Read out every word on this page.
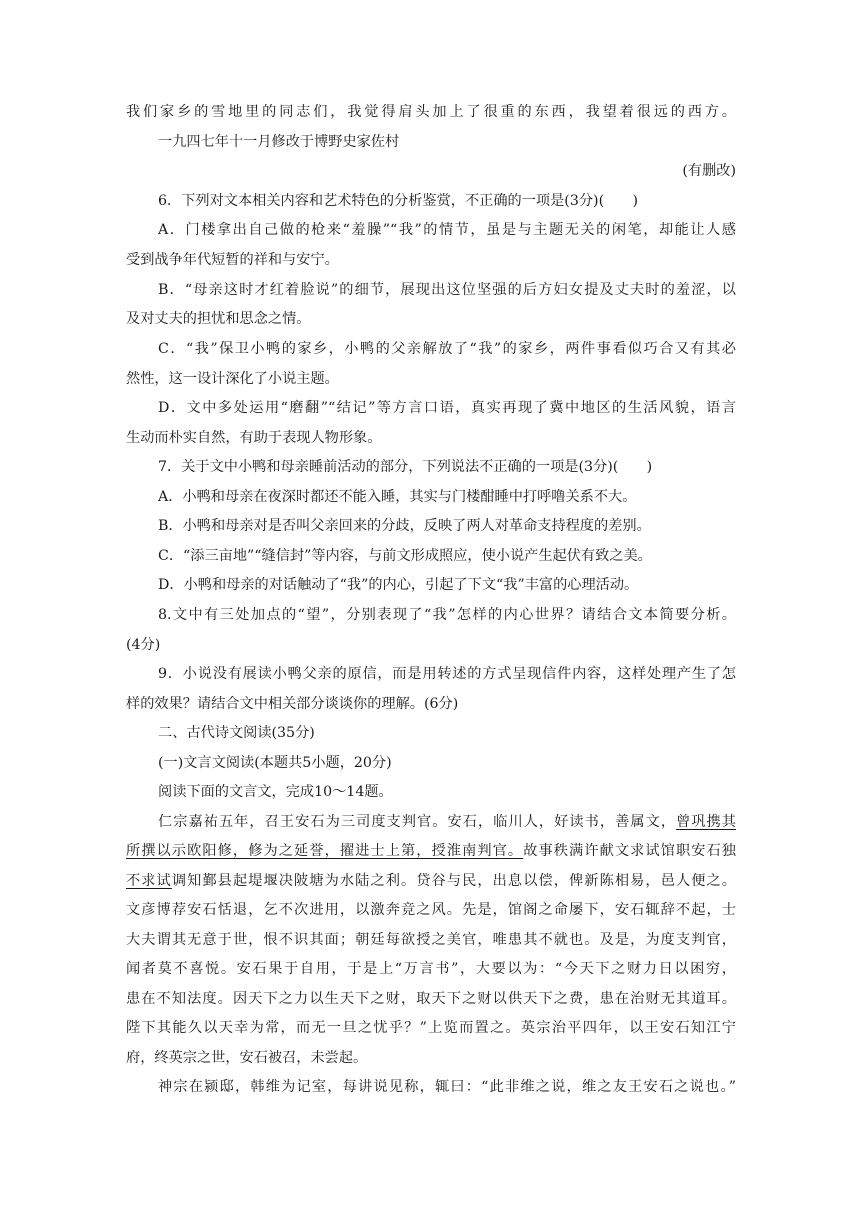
我们家乡的雪地里的同志们，我觉得肩头加上了很重的东西，我望着很远的西方。
一九四七年十一月修改于博野史家佐村
(有删改)
6．下列对文本相关内容和艺术特色的分析鉴赏，不正确的一项是(3分)(　　)
A．门楼拿出自己做的枪来“羞臊”“我”的情节，虽是与主题无关的闲笔，却能让人感
受到战争年代短暂的祥和与安宁。
B．“母亲这时才红着脸说”的细节，展现出这位坚强的后方妇女提及丈夫时的羞涩，以
及对丈夫的担忧和思念之情。
C．“我”保卫小鸭的家乡，小鸭的父亲解放了“我”的家乡，两件事看似巧合又有其必
然性，这一设计深化了小说主题。
D．文中多处运用“磨翻”“结记”等方言口语，真实再现了冀中地区的生活风貌，语言
生动而朴实自然，有助于表现人物形象。
7．关于文中小鸭和母亲睡前活动的部分，下列说法不正确的一项是(3分)(　　)
A．小鸭和母亲在夜深时都还不能入睡，其实与门楼酣睡中打呼噜关系不大。
B．小鸭和母亲对是否叫父亲回来的分歧，反映了两人对革命支持程度的差别。
C．“添三亩地”“缝信封”等内容，与前文形成照应，使小说产生起伏有致之美。
D．小鸭和母亲的对话触动了“我”的内心，引起了下文“我”丰富的心理活动。
8.文中有三处加点的“望”，分别表现了“我”怎样的内心世界？请结合文本简要分析。
(4分)
9．小说没有展读小鸭父亲的原信，而是用转述的方式呈现信件内容，这样处理产生了怎
样的效果？请结合文中相关部分谈谈你的理解。(6分)
二、古代诗文阅读(35分)
(一)文言文阅读(本题共5小题，20分)
阅读下面的文言文，完成10～14题。
仁宗嘉祐五年，召王安石为三司度支判官。安石，临川人，好读书，善属文，曾巩携其
所撰以示欧阳修，修为之延誉，擢进士上第，授淮南判官。故事秩满许献文求试馆职安石独
不求试调知鄞县起堤堰决陂塘为水陆之利。贷谷与民，出息以偿，俾新陈相易，邑人便之。
文彦博荐安石恬退，乞不次进用，以激奔竞之风。先是，馆阁之命屡下，安石辄辞不起，士
大夫谓其无意于世，恨不识其面；朝廷每欲授之美官，唯患其不就也。及是，为度支判官，
闻者莫不喜悦。安石果于自用，于是上“万言书”，大要以为：“今天下之财力日以困穷，
患在不知法度。因天下之力以生天下之财，取天下之财以供天下之费，患在治财无其道耳。
陛下其能久以天幸为常，而无一旦之忧乎？”上览而置之。英宗治平四年，以王安石知江宁
府，终英宗之世，安石被召，未尝起。
神宗在颍邸，韩维为记室，每讲说见称，辄曰：“此非维之说，维之友王安石之说也。”
